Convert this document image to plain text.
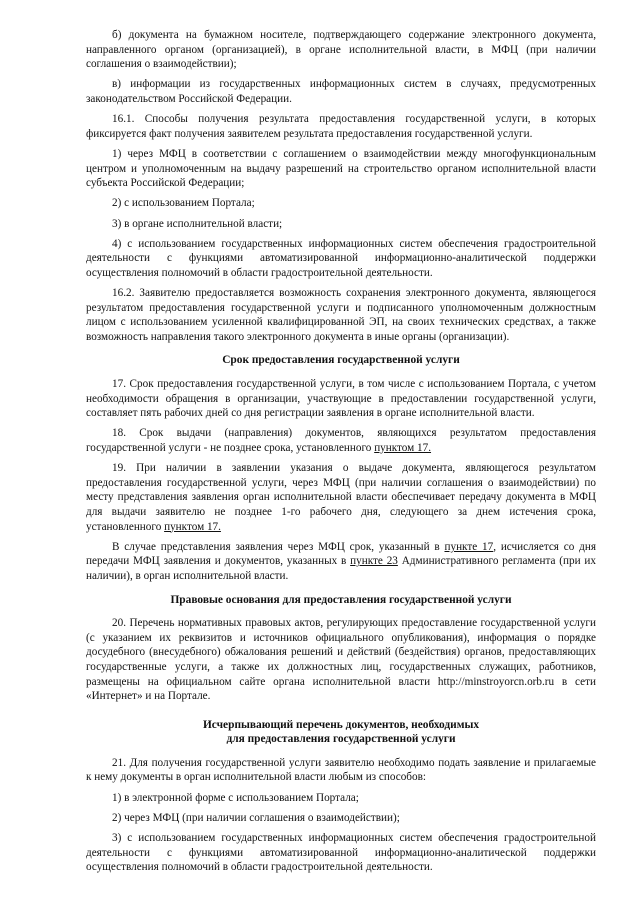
б) документа на бумажном носителе, подтверждающего содержание электронного документа, направленного органом (организацией), в органе исполнительной власти, в МФЦ (при наличии соглашения о взаимодействии);

в) информации из государственных информационных систем в случаях, предусмотренных законодательством Российской Федерации.

16.1. Способы получения результата предоставления государственной услуги, в которых фиксируется факт получения заявителем результата предоставления государственной услуги.

1) через МФЦ в соответствии с соглашением о взаимодействии между многофункциональным центром и уполномоченным на выдачу разрешений на строительство органом исполнительной власти субъекта Российской Федерации;

2) с использованием Портала;

3) в органе исполнительной власти;

4) с использованием государственных информационных систем обеспечения градостроительной деятельности с функциями автоматизированной информационно-аналитической поддержки осуществления полномочий в области градостроительной деятельности.

16.2. Заявителю предоставляется возможность сохранения электронного документа, являющегося результатом предоставления государственной услуги и подписанного уполномоченным должностным лицом с использованием усиленной квалифицированной ЭП, на своих технических средствах, а также возможность направления такого электронного документа в иные органы (организации).

Срок предоставления государственной услуги

17. Срок предоставления государственной услуги, в том числе с использованием Портала, с учетом необходимости обращения в организации, участвующие в предоставлении государственной услуги, составляет пять рабочих дней со дня регистрации заявления в органе исполнительной власти.

18. Срок выдачи (направления) документов, являющихся результатом предоставления государственной услуги - не позднее срока, установленного пунктом 17.

19. При наличии в заявлении указания о выдаче документа, являющегося результатом предоставления государственной услуги, через МФЦ (при наличии соглашения о взаимодействии) по месту представления заявления орган исполнительной власти обеспечивает передачу документа в МФЦ для выдачи заявителю не позднее 1-го рабочего дня, следующего за днем истечения срока, установленного пунктом 17.

В случае представления заявления через МФЦ срок, указанный в пункте 17, исчисляется со дня передачи МФЦ заявления и документов, указанных в пункте 23 Административного регламента (при их наличии), в орган исполнительной власти.

Правовые основания для предоставления государственной услуги

20. Перечень нормативных правовых актов, регулирующих предоставление государственной услуги (с указанием их реквизитов и источников официального опубликования), информация о порядке досудебного (внесудебного) обжалования решений и действий (бездействия) органов, предоставляющих государственные услуги, а также их должностных лиц, государственных служащих, работников, размещены на официальном сайте органа исполнительной власти http://minstroyorcn.orb.ru в сети «Интернет» и на Портале.

Исчерпывающий перечень документов, необходимых
для предоставления государственной услуги

21. Для получения государственной услуги заявителю необходимо подать заявление и прилагаемые к нему документы в орган исполнительной власти любым из способов:

1) в электронной форме с использованием Портала;

2) через МФЦ (при наличии соглашения о взаимодействии);

3) с использованием государственных информационных систем обеспечения градостроительной деятельности с функциями автоматизированной информационно-аналитической поддержки осуществления полномочий в области градостроительной деятельности.
